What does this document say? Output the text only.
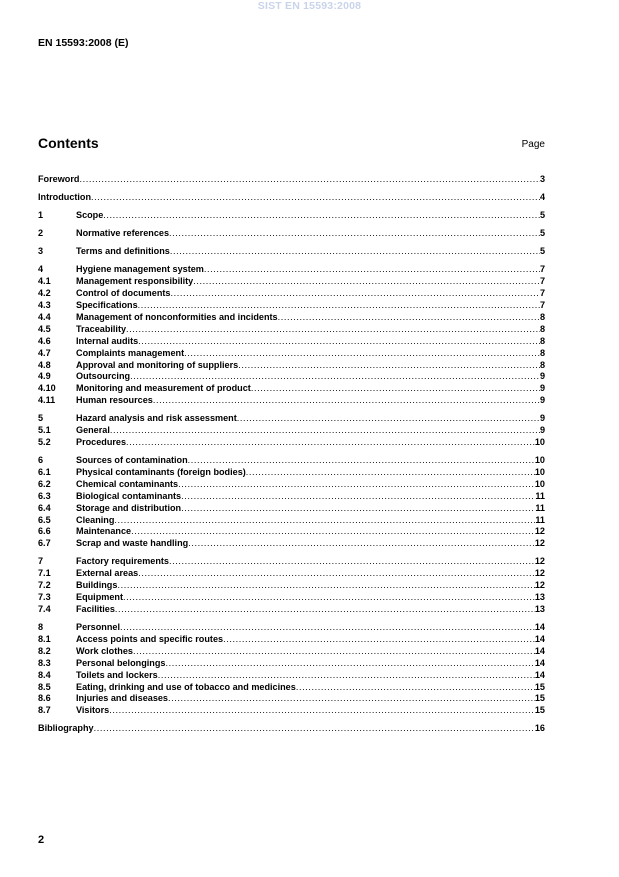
SIST EN 15593:2008
EN 15593:2008 (E)
Contents	Page
Foreword .....	3
Introduction .....	4
1	Scope .....	5
2	Normative references .....	5
3	Terms and definitions .....	5
4	Hygiene management system .....	7
4.1	Management responsibility .....	7
4.2	Control of documents .....	7
4.3	Specifications .....	7
4.4	Management of nonconformities and incidents .....	8
4.5	Traceability .....	8
4.6	Internal audits .....	8
4.7	Complaints management .....	8
4.8	Approval and monitoring of suppliers .....	8
4.9	Outsourcing .....	9
4.10	Monitoring and measurement of product .....	9
4.11	Human resources .....	9
5	Hazard analysis and risk assessment .....	9
5.1	General .....	9
5.2	Procedures .....	10
6	Sources of contamination .....	10
6.1	Physical contaminants (foreign bodies) .....	10
6.2	Chemical contaminants .....	10
6.3	Biological contaminants .....	11
6.4	Storage and distribution .....	11
6.5	Cleaning .....	11
6.6	Maintenance .....	12
6.7	Scrap and waste handling .....	12
7	Factory requirements .....	12
7.1	External areas .....	12
7.2	Buildings .....	12
7.3	Equipment .....	13
7.4	Facilities .....	13
8	Personnel .....	14
8.1	Access points and specific routes .....	14
8.2	Work clothes .....	14
8.3	Personal belongings .....	14
8.4	Toilets and lockers .....	14
8.5	Eating, drinking and use of tobacco and medicines .....	15
8.6	Injuries and diseases .....	15
8.7	Visitors .....	15
Bibliography .....	16
2
